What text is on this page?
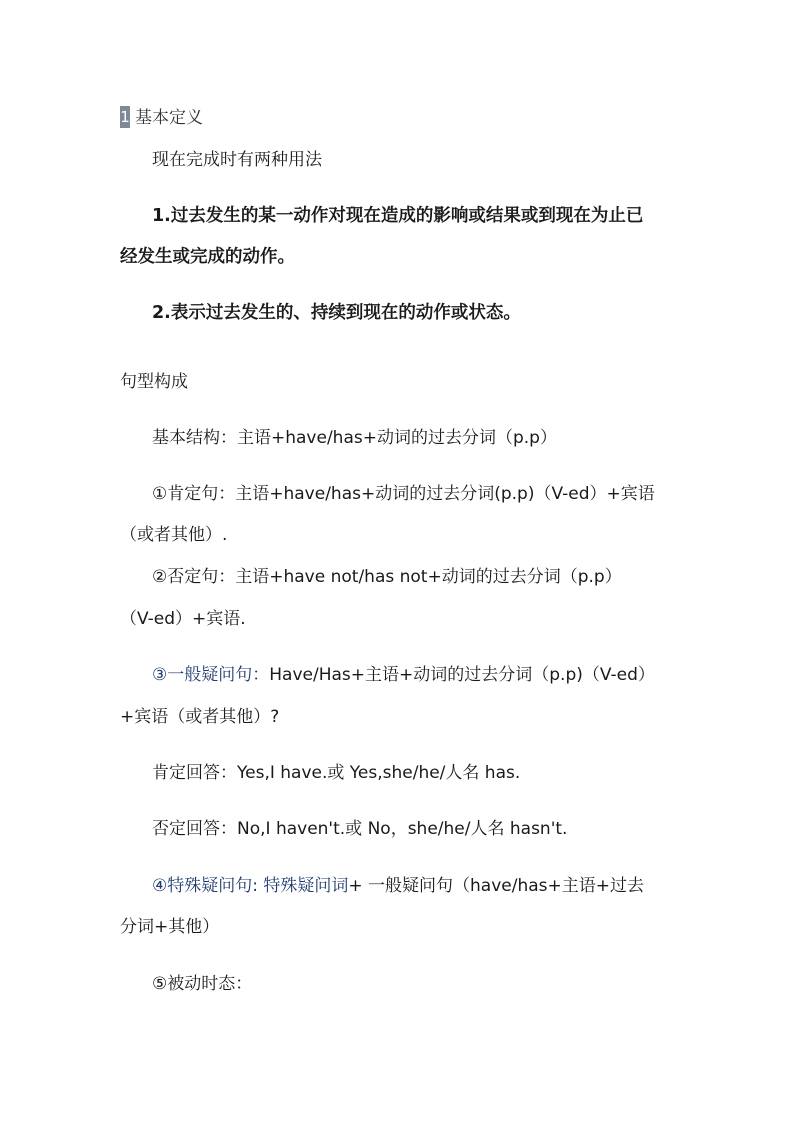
1 基本定义
现在完成时有两种用法
1.过去发生的某一动作对现在造成的影响或结果或到现在为止已
经发生或完成的动作。
2.表示过去发生的、持续到现在的动作或状态。
句型构成
基本结构：主语+have/has+动词的过去分词（p.p）
①肯定句：主语+have/has+动词的过去分词(p.p)（V-ed）+宾语
（或者其他）.
②否定句：主语+have not/has not+动词的过去分词（p.p）
（V-ed）+宾语.
③一般疑问句：Have/Has+主语+动词的过去分词（p.p)（V-ed）
+宾语（或者其他）?
肯定回答：Yes,I have.或 Yes,she/he/人名 has.
否定回答：No,I haven't.或 No，she/he/人名 hasn't.
④特殊疑问句: 特殊疑问词+ 一般疑问句（have/has+主语+过去
分词+其他）
⑤被动时态：
